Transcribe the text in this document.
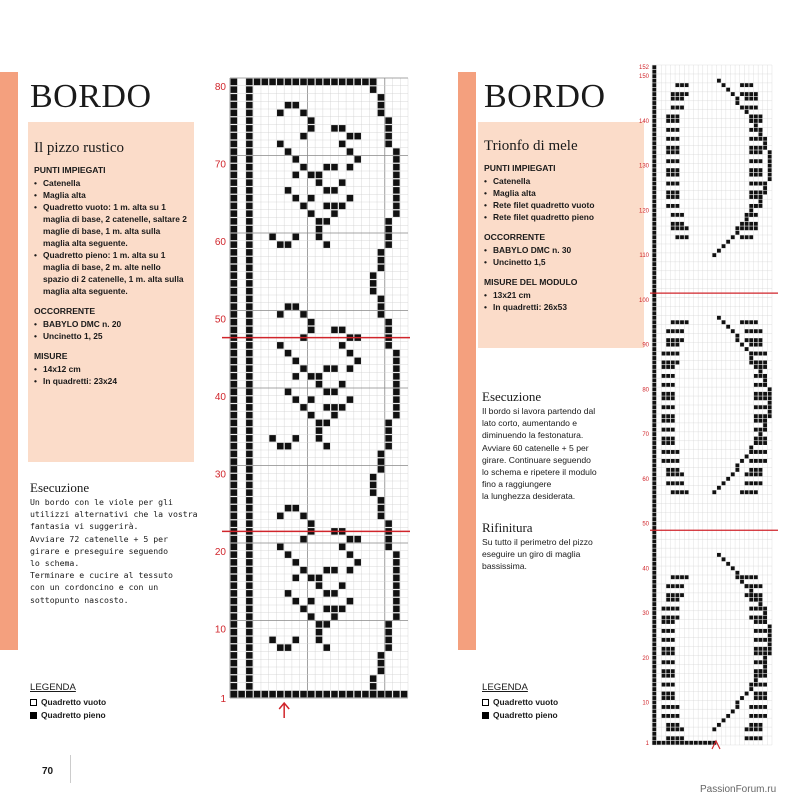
BORDO
Il pizzo rustico
PUNTI IMPIEGATI
• Catenella
• Maglia alta
• Quadretto vuoto: 1 m. alta su 1 maglia di base, 2 catenelle, saltare 2 maglie di base, 1 m. alta sulla maglia alta seguente.
• Quadretto pieno: 1 m. alta su 1 maglia di base, 2 m. alte nello spazio di 2 catenelle, 1 m. alta sulla maglia alta seguente.
OCCORRENTE
• BABYLO DMC n. 20
• Uncinetto 1, 25
MISURE
• 14x12 cm
• In quadretti: 23x24
Esecuzione
Un bordo con le viole per gli
utilizzi alternativi che la vostra
fantasia vi suggerirà.
Avviare 72 catenelle + 5 per
girare e preseguire seguendo
lo schema.
Terminare e cucire al tessuto
con un cordoncino e con un
sottopunto nascosto.
LEGENDA
Quadretto vuoto
Quadretto pieno
70
80
70
60
50
40
30
20
10
1
BORDO
Trionfo di mele
PUNTI IMPIEGATI
• Catenella
• Maglia alta
• Rete filet quadretto vuoto
• Rete filet quadretto pieno
OCCORRENTE
• BABYLO DMC n. 30
• Uncinetto 1,5
MISURE DEL MODULO
• 13x21 cm
• In quadretti: 26x53
Esecuzione
Il bordo si lavora partendo dal
lato corto, aumentando e
diminuendo la festonatura.
Avviare 60 catenelle + 5 per
girare. Continuare seguendo
lo schema e ripetere il modulo
fino a raggiungere
la lunghezza desiderata.
Rifinitura
Su tutto il perimetro del pizzo
eseguire un giro di maglia
bassissima.
LEGENDA
Quadretto vuoto
Quadretto pieno
152
150
140
130
120
110
100
90
80
70
60
50
40
30
20
10
1
PassionForum.ru
